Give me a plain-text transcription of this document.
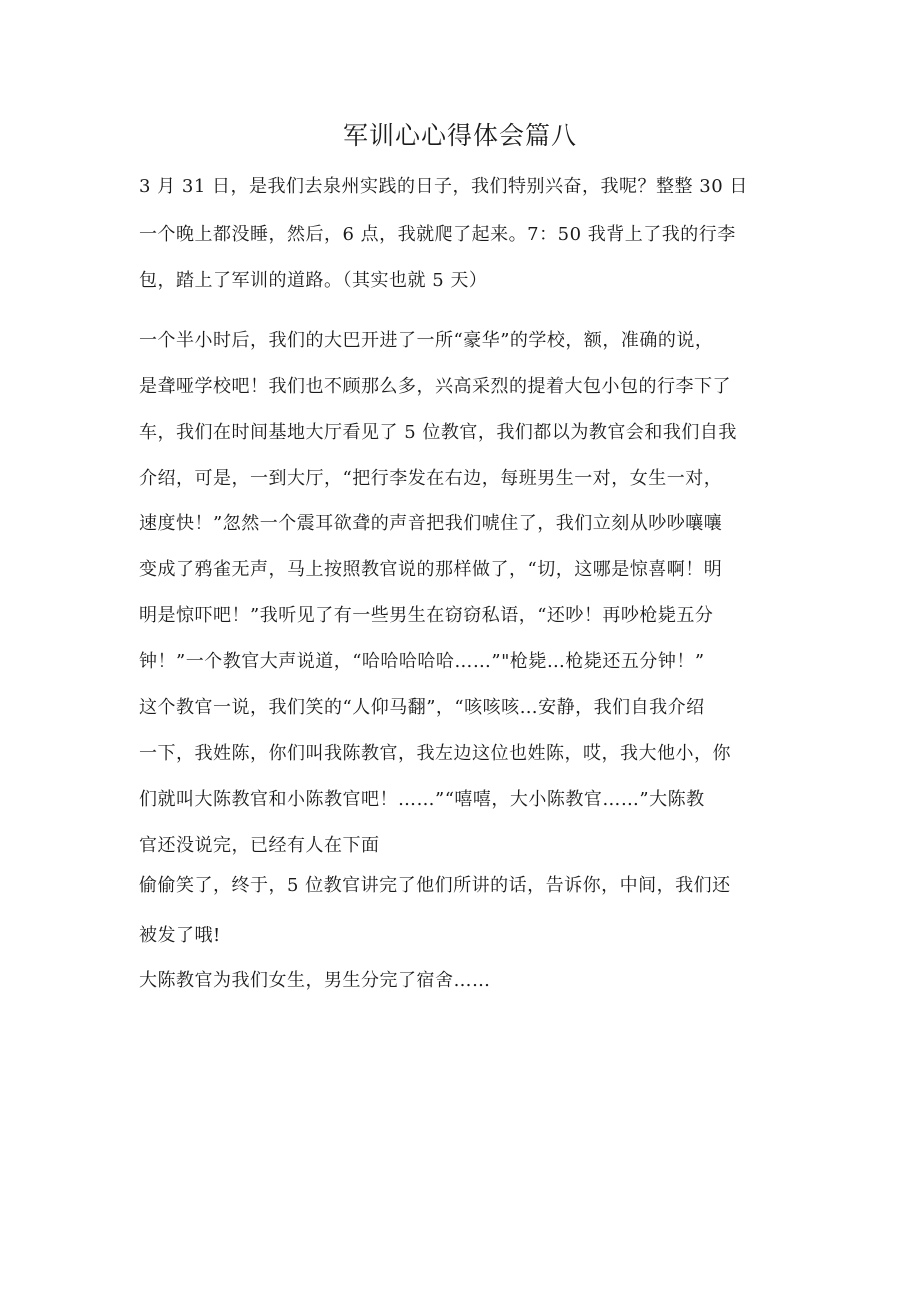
军训心心得体会篇八
3 月 31 日，是我们去泉州实践的日子，我们特别兴奋，我呢？整整 30 日
一个晚上都没睡，然后，6 点，我就爬了起来。7：50 我背上了我的行李
包，踏上了军训的道路。（其实也就 5 天）
一个半小时后，我们的大巴开进了一所“豪华”的学校，额，准确的说，
是聋哑学校吧！我们也不顾那么多，兴高采烈的提着大包小包的行李下了
车，我们在时间基地大厅看见了 5 位教官，我们都以为教官会和我们自我
介绍，可是，一到大厅，“把行李发在右边，每班男生一对，女生一对，
速度快！”忽然一个震耳欲聋的声音把我们唬住了，我们立刻从吵吵嚷嚷
变成了鸦雀无声，马上按照教官说的那样做了，“切，这哪是惊喜啊！明
明是惊吓吧！”我听见了有一些男生在窃窃私语，“还吵！再吵枪毙五分
钟！”一个教官大声说道，“哈哈哈哈哈……”"枪毙…枪毙还五分钟！”
这个教官一说，我们笑的“人仰马翻”，“咳咳咳…安静，我们自我介绍
一下，我姓陈，你们叫我陈教官，我左边这位也姓陈，哎，我大他小，你
们就叫大陈教官和小陈教官吧！……”“嘻嘻，大小陈教官……”大陈教
官还没说完，已经有人在下面
偷偷笑了，终于，5 位教官讲完了他们所讲的话，告诉你，中间，我们还
被发了哦!
大陈教官为我们女生，男生分完了宿舍……
